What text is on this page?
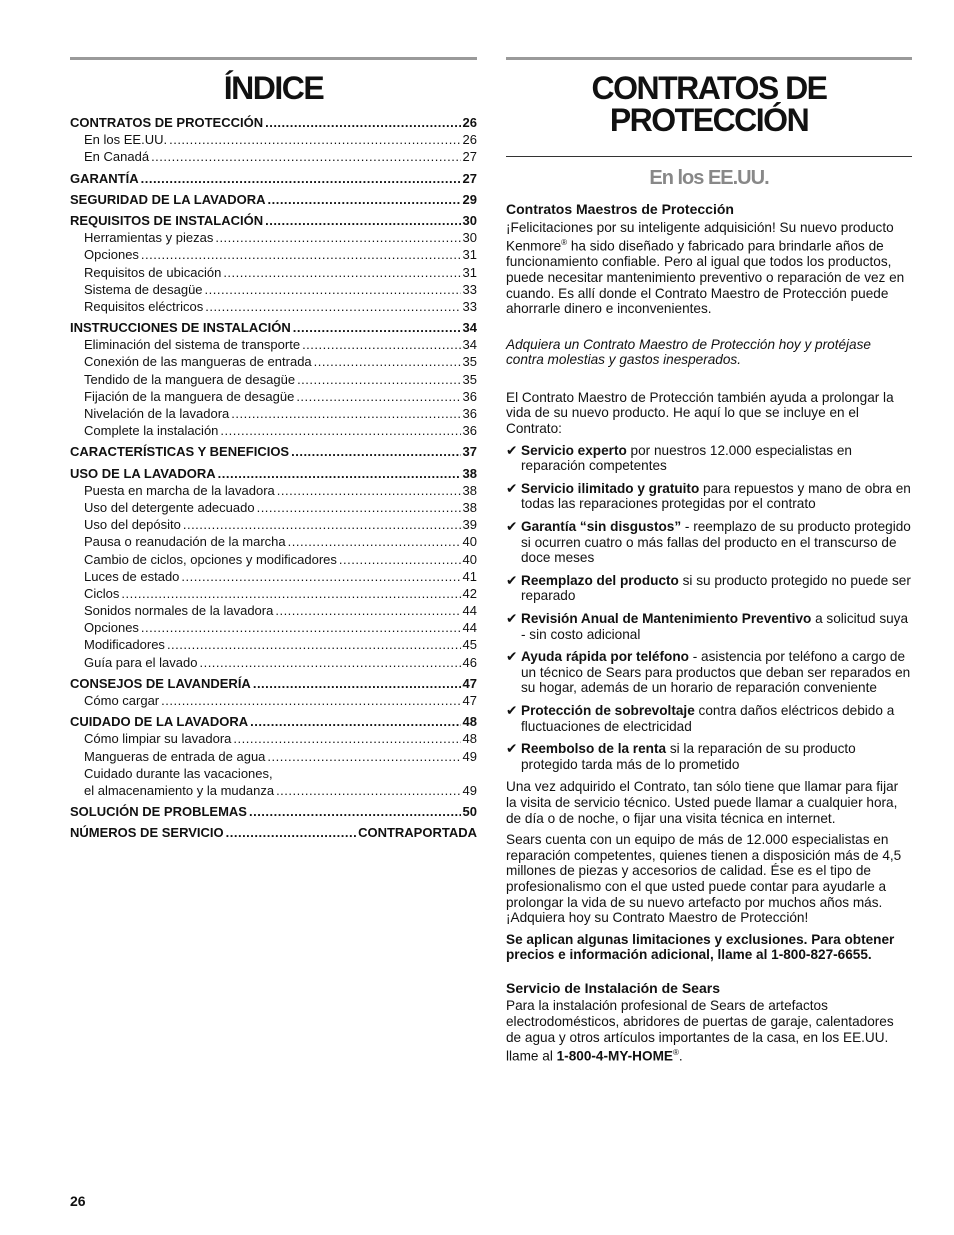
ÍNDICE
CONTRATOS DE PROTECCIÓN .....	26
En los EE.UU. .....	26
En Canadá .....	27
GARANTÍA .....	27
SEGURIDAD DE LA LAVADORA .....	29
REQUISITOS DE INSTALACIÓN .....	30
Herramientas y piezas .....	30
Opciones .....	31
Requisitos de ubicación .....	31
Sistema de desagüe .....	33
Requisitos eléctricos .....	33
INSTRUCCIONES DE INSTALACIÓN .....	34
Eliminación del sistema de transporte .....	34
Conexión de las mangueras de entrada .....	35
Tendido de la manguera de desagüe .....	35
Fijación de la manguera de desagüe .....	36
Nivelación de la lavadora .....	36
Complete la instalación .....	36
CARACTERÍSTICAS Y BENEFICIOS .....	37
USO DE LA LAVADORA .....	38
Puesta en marcha de la lavadora .....	38
Uso del detergente adecuado .....	38
Uso del depósito .....	39
Pausa o reanudación de la marcha .....	40
Cambio de ciclos, opciones y modificadores .....	40
Luces de estado .....	41
Ciclos .....	42
Sonidos normales de la lavadora .....	44
Opciones .....	44
Modificadores .....	45
Guía para el lavado .....	46
CONSEJOS DE LAVANDERÍA .....	47
Cómo cargar .....	47
CUIDADO DE LA LAVADORA .....	48
Cómo limpiar su lavadora .....	48
Mangueras de entrada de agua .....	49
Cuidado durante las vacaciones,
el almacenamiento y la mudanza .....	49
SOLUCIÓN DE PROBLEMAS .....	50
NÚMEROS DE SERVICIO .....	CONTRAPORTADA
CONTRATOS DE
PROTECCIÓN
En los EE.UU.
Contratos Maestros de Protección

¡Felicitaciones por su inteligente adquisición! Su nuevo producto Kenmore® ha sido diseñado y fabricado para brindarle años de funcionamiento confiable. Pero al igual que todos los productos, puede necesitar mantenimiento preventivo o reparación de vez en cuando. Es allí donde el Contrato Maestro de Protección puede ahorrarle dinero e inconvenientes.

Adquiera un Contrato Maestro de Protección hoy y protéjase contra molestias y gastos inesperados.

El Contrato Maestro de Protección también ayuda a prolongar la vida de su nuevo producto. He aquí lo que se incluye en el Contrato:

✔ Servicio experto por nuestros 12.000 especialistas en reparación competentes
✔ Servicio ilimitado y gratuito para repuestos y mano de obra en todas las reparaciones protegidas por el contrato
✔ Garantía “sin disgustos” - reemplazo de su producto protegido si ocurren cuatro o más fallas del producto en el transcurso de doce meses
✔ Reemplazo del producto si su producto protegido no puede ser reparado
✔ Revisión Anual de Mantenimiento Preventivo a solicitud suya - sin costo adicional
✔ Ayuda rápida por teléfono - asistencia por teléfono a cargo de un técnico de Sears para productos que deban ser reparados en su hogar, además de un horario de reparación conveniente
✔ Protección de sobrevoltaje contra daños eléctricos debido a fluctuaciones de electricidad
✔ Reembolso de la renta si la reparación de su producto protegido tarda más de lo prometido

Una vez adquirido el Contrato, tan sólo tiene que llamar para fijar la visita de servicio técnico. Usted puede llamar a cualquier hora, de día o de noche, o fijar una visita técnica en internet.

Sears cuenta con un equipo de más de 12.000 especialistas en reparación competentes, quienes tienen a disposición más de 4,5 millones de piezas y accesorios de calidad. Ése es el tipo de profesionalismo con el que usted puede contar para ayudarle a prolongar la vida de su nuevo artefacto por muchos años más. ¡Adquiera hoy su Contrato Maestro de Protección!

Se aplican algunas limitaciones y exclusiones. Para obtener precios e información adicional, llame al 1-800-827-6655.

Servicio de Instalación de Sears

Para la instalación profesional de Sears de artefactos electrodomésticos, abridores de puertas de garaje, calentadores de agua y otros artículos importantes de la casa, en los EE.UU. llame al 1-800-4-MY-HOME®.

26
